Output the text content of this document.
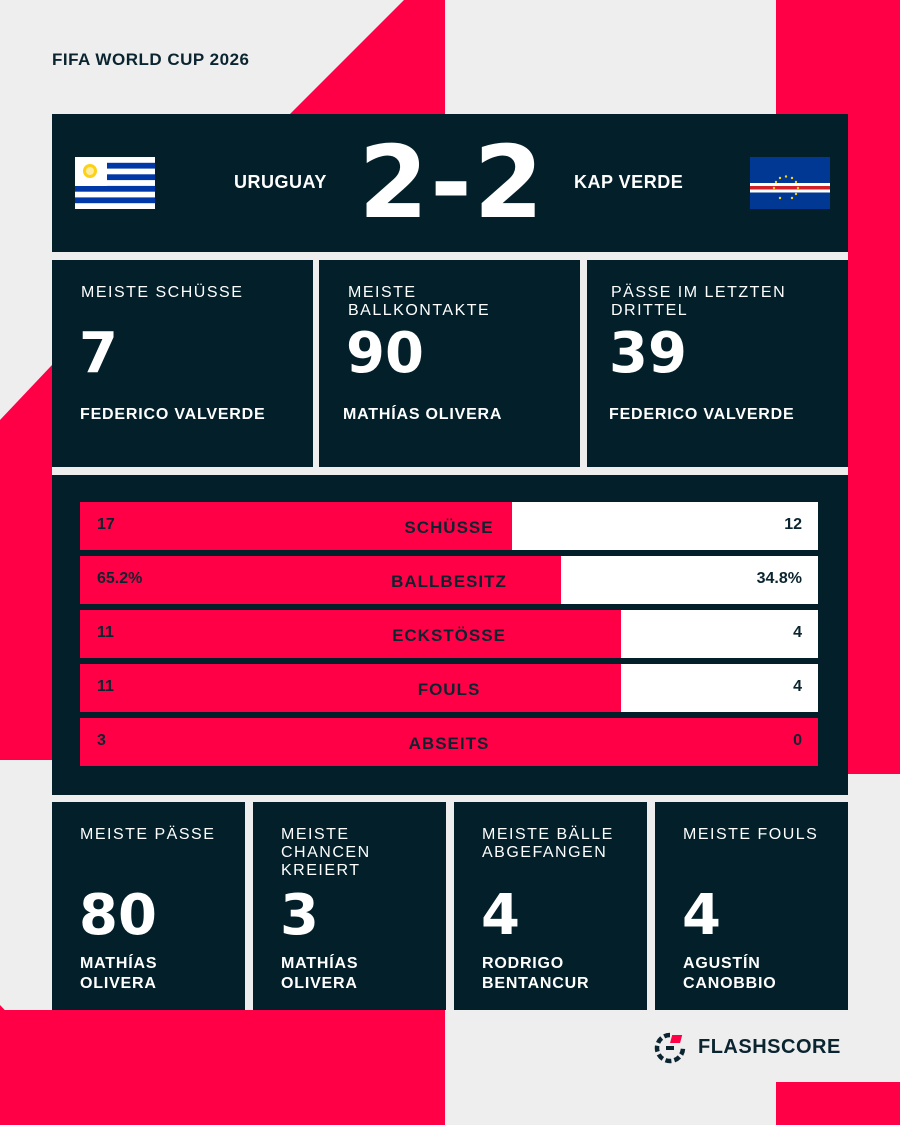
FIFA WORLD CUP 2026
URUGUAY 2-2	KAP VERDE
MEISTE SCHÜSSE
7
FEDERICO VALVERDE
MEISTE BALLKONTAKTE
90
MATHÍAS OLIVERA
PÄSSE IM LETZTEN DRITTEL
39
FEDERICO VALVERDE
17	SCHÜSSE	12
65.2%	BALLBESITZ	34.8%
11	ECKSTÖSSE	4
11	FOULS	4
3	ABSEITS	0
MEISTE PÄSSE
80
MATHÍAS OLIVERA
MEISTE CHANCEN KREIERT
3
MATHÍAS OLIVERA
MEISTE BÄLLE ABGEFANGEN
4
RODRIGO BENTANCUR
MEISTE FOULS
4
AGUSTÍN CANOBBIO
FLASHSCORE
